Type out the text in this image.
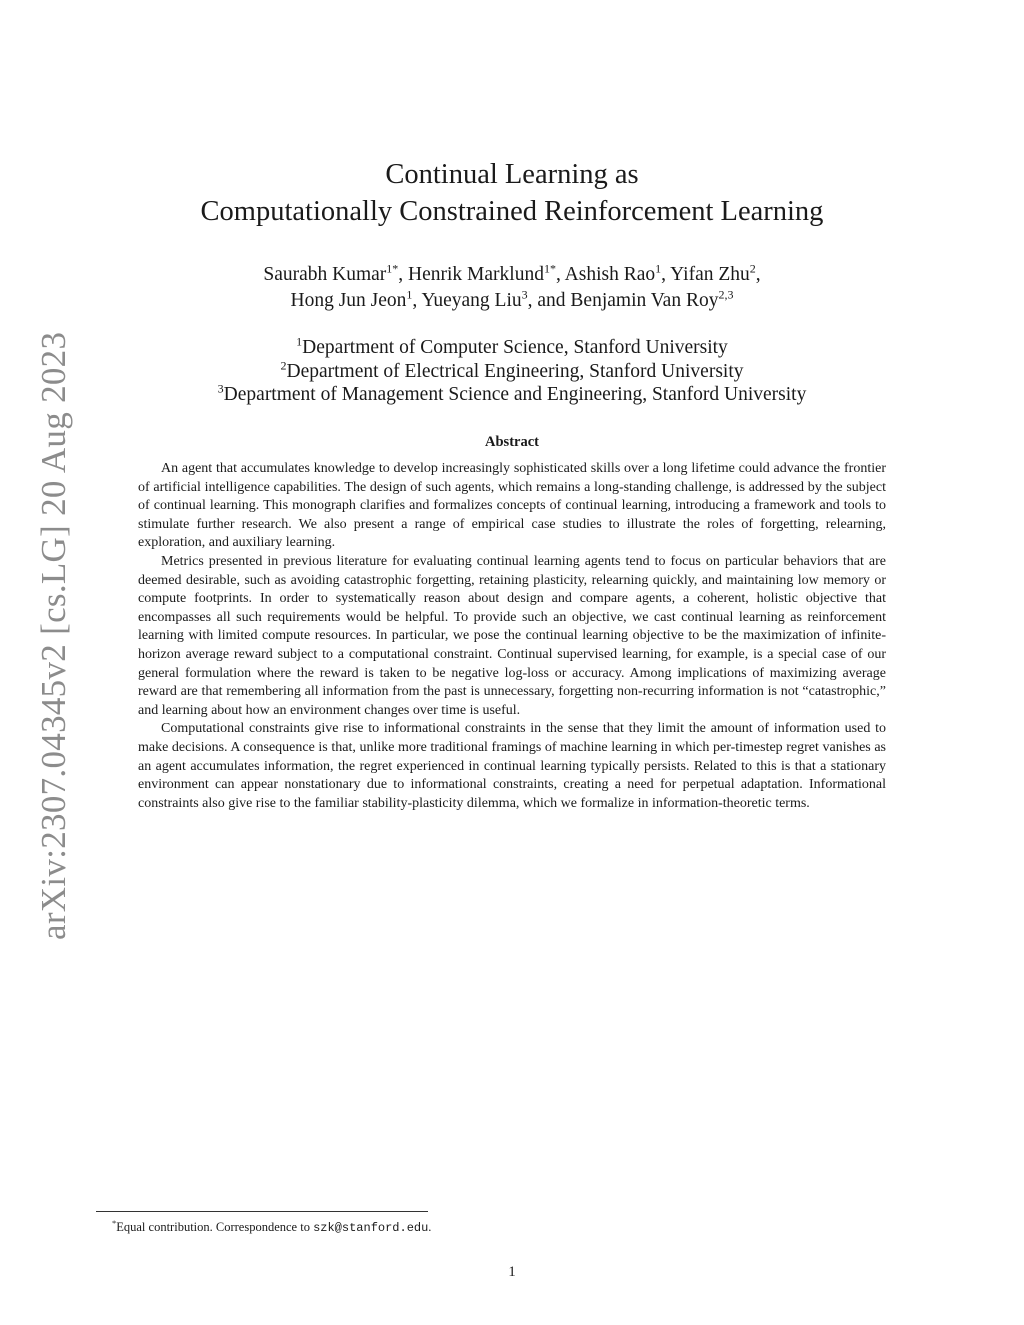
arXiv:2307.04345v2 [cs.LG] 20 Aug 2023
Continual Learning as
Computationally Constrained Reinforcement Learning
Saurabh Kumar$^{1*}$, Henrik Marklund$^{1*}$, Ashish Rao$^1$, Yifan Zhu$^2$,
Hong Jun Jeon$^1$, Yueyang Liu$^3$, and Benjamin Van Roy$^{2,3}$
$^1$Department of Computer Science, Stanford University
$^2$Department of Electrical Engineering, Stanford University
$^3$Department of Management Science and Engineering, Stanford University
Abstract

An agent that accumulates knowledge to develop increasingly sophisticated skills over a long lifetime could advance the frontier of artificial intelligence capabilities. The design of such agents, which remains a long-standing challenge, is addressed by the subject of continual learning. This monograph clarifies and formalizes concepts of continual learning, introducing a framework and tools to stimulate further research. We also present a range of empirical case studies to illustrate the roles of forgetting, relearning, exploration, and auxiliary learning.

Metrics presented in previous literature for evaluating continual learning agents tend to focus on particular behaviors that are deemed desirable, such as avoiding catastrophic forgetting, retaining plasticity, relearning quickly, and maintaining low memory or compute footprints. In order to systematically reason about design and compare agents, a coherent, holistic objective that encompasses all such requirements would be helpful. To provide such an objective, we cast continual learning as reinforcement learning with limited compute resources. In particular, we pose the continual learning objective to be the maximization of infinite-horizon average reward subject to a computational constraint. Continual supervised learning, for example, is a special case of our general formulation where the reward is taken to be negative log-loss or accuracy. Among implications of maximizing average reward are that remembering all information from the past is unnecessary, forgetting non-recurring information is not “catastrophic,” and learning about how an environment changes over time is useful.

Computational constraints give rise to informational constraints in the sense that they limit the amount of information used to make decisions. A consequence is that, unlike more traditional framings of machine learning in which per-timestep regret vanishes as an agent accumulates information, the regret experienced in continual learning typically persists. Related to this is that a stationary environment can appear nonstationary due to informational constraints, creating a need for perpetual adaptation. Informational constraints also give rise to the familiar stability-plasticity dilemma, which we formalize in information-theoretic terms.

*Equal contribution. Correspondence to szk@stanford.edu.
1
